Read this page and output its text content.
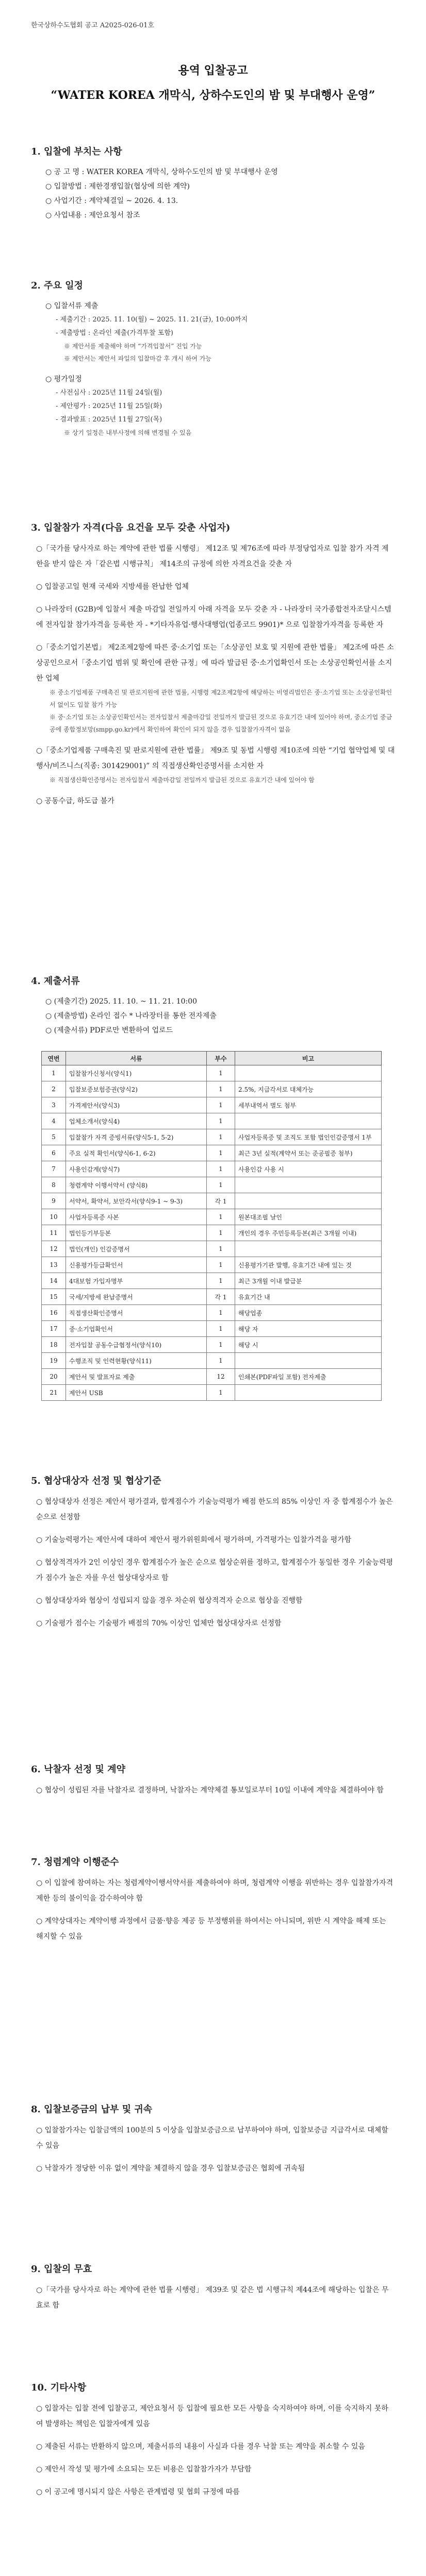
한국상하수도협회 공고 A2025-026-01호
용역 입찰공고
“WATER KOREA 개막식, 상하수도인의 밤 및 부대행사 운영”
1. 입찰에 부치는 사항
○ 공 고 명 : WATER KOREA 개막식, 상하수도인의 밤 및 부대행사 운영
○ 입찰방법 : 제한경쟁입찰(협상에 의한 계약)
○ 사업기간 : 계약체결일 ~ 2026. 4. 13.
○ 사업내용 : 제안요청서 참조
2. 주요 일정
○ 입찰서류 제출
- 제출기간 : 2025. 11. 10(월) ~ 2025. 11. 21(금), 10:00까지
- 제출방법 : 온라인 제출(가격투찰 포함)
※ 제안서를 제출해야 하며 “가격입찰서” 진입 가능
※ 제안서는 제안서 파일의 입찰마감 후 개시 하여 가능
○ 평가일정
- 사전심사 : 2025년 11월 24일(월)
- 제안평가 : 2025년 11월 25일(화)
- 결과발표 : 2025년 11월 27일(목)
※ 상기 일정은 내부사정에 의해 변경될 수 있음
3. 입찰참가 자격(다음 요건을 모두 갖춘 사업자)
○「국가를 당사자로 하는 계약에 관한 법률 시행령」 제12조 및 제76조에 따라 부정당업자로 입찰 참가 자격 제한을 받지 않은 자「같은법 시행규칙」 제14조의 규정에 의한 자격요건을 갖춘 자
○ 입찰공고일 현재 국세와 지방세를 완납한 업체
○ 나라장터 (G2B)에 입찰서 제출 마감일 전일까지 아래 자격을 모두 갖춘 자 - 나라장터 국가종합전자조달시스템에 전자입찰 참가자격을 등록한 자 - *기타자유업·행사대행업(업종코드 9901)* 으로 입찰참가자격을 등록한 자
○「중소기업기본법」 제2조제2항에 따른 중·소기업 또는「소상공인 보호 및 지원에 관한 법률」 제2조에 따른 소상공인으로서「중소기업 범위 및 확인에 관한 규정」에 따라 발급된 중·소기업확인서 또는 소상공인확인서를 소지한 업체
※ 중소기업제품 구매촉진 및 판로지원에 관한 법률, 시행령 제2조제2항에 해당하는 비영리법인은 중·소기업 또는 소상공인확인서 없이도 입찰 참가 가능
※ 중·소기업 또는 소상공인확인서는 전자입찰서 제출마감일 전일까지 발급된 것으로 유효기간 내에 있어야 하며, 중소기업 중금공에 종합정보망(smpp.go.kr)에서 확인하여 확인이 되지 않을 경우 입찰참가자격이 없음
○「중소기업제품 구매촉진 및 판로지원에 관한 법률」 제9조 및 동법 시행령 제10조에 의한 “기업 협약업체 및 대행사/비즈니스(직종: 301429001)” 의 직접생산확인증명서를 소지한 자
※ 직접생산확인증명서는 전자입찰서 제출마감일 전일까지 발급된 것으로 유효기간 내에 있어야 함
○ 공동수급, 하도급 불가
4. 제출서류
○ (제출기간) 2025. 11. 10. ~ 11. 21. 10:00
○ (제출방법) 온라인 접수 * 나라장터를 통한 전자제출
○ (제출서류) PDF로만 변환하여 업로드
연번	서류	부수	비고
1	입찰참가신청서(양식1)	1	
2	입찰보증보험증권(양식2)	1	2.5%, 지급각서로 대체가능
3	가격제안서(양식3)	1	세부내역서 별도 첨부
4	업체소개서(양식4)	1	
5	입찰참가 자격 증빙서류(양식5-1, 5-2)	1	사업자등록증 및 조직도 포함 법인인감증명서 1부
6	주요 실적 확인서(양식6-1, 6-2)	1	최근 3년 실적(계약서 또는 준공필증 첨부)
7	사용인감계(양식7)	1	사용인감 사용 시
8	청렴계약 이행서약서 (양식8)	1	
9	서약서, 확약서, 보안각서(양식9-1 ~ 9-3)	각 1	
10	사업자등록증 사본	1	원본대조필 날인
11	법인등기부등본	1	개인의 경우 주민등록등본(최근 3개월 이내)
12	법인(개인) 인감증명서	1	
13	신용평가등급확인서	1	신용평가기관 발행, 유효기간 내에 있는 것
14	4대보험 가입자명부	1	최근 3개월 이내 발급분
15	국세/지방세 완납증명서	각 1	유효기간 내
16	직접생산확인증명서	1	해당업종
17	중·소기업확인서	1	해당 자
18	전자입찰 공동수급협정서(양식10)	1	해당 시
19	수행조직 및 인력현황(양식11)	1	
20	제안서 및 발표자료 제출	12	인쇄본(PDF파일 포함) 전자제출
21	제안서 USB	1	
5. 협상대상자 선정 및 협상기준
○ 협상대상자 선정은 제안서 평가결과, 합계점수가 기술능력평가 배점 한도의 85% 이상인 자 중 합계점수가 높은 순으로 선정함
○ 기술능력평가는 제안서에 대하여 제안서 평가위원회에서 평가하며, 가격평가는 입찰가격을 평가함
○ 협상적격자가 2인 이상인 경우 합계점수가 높은 순으로 협상순위를 정하고, 합계점수가 동일한 경우 기술능력평가 점수가 높은 자를 우선 협상대상자로 함
○ 협상대상자와 협상이 성립되지 않을 경우 차순위 협상적격자 순으로 협상을 진행함
○ 기술평가 점수는 기술평가 배점의 70% 이상인 업체만 협상대상자로 선정함
6. 낙찰자 선정 및 계약
○ 협상이 성립된 자를 낙찰자로 결정하며, 낙찰자는 계약체결 통보일로부터 10일 이내에 계약을 체결하여야 함
7. 청렴계약 이행준수
○ 이 입찰에 참여하는 자는 청렴계약이행서약서를 제출하여야 하며, 청렴계약 이행을 위반하는 경우 입찰참가자격 제한 등의 불이익을 감수하여야 함
○ 계약상대자는 계약이행 과정에서 금품·향응 제공 등 부정행위를 하여서는 아니되며, 위반 시 계약을 해제 또는 해지할 수 있음
8. 입찰보증금의 납부 및 귀속
○ 입찰참가자는 입찰금액의 100분의 5 이상을 입찰보증금으로 납부하여야 하며, 입찰보증금 지급각서로 대체할 수 있음
○ 낙찰자가 정당한 이유 없이 계약을 체결하지 않을 경우 입찰보증금은 협회에 귀속됨
9. 입찰의 무효
○「국가를 당사자로 하는 계약에 관한 법률 시행령」 제39조 및 같은 법 시행규칙 제44조에 해당하는 입찰은 무효로 함
10. 기타사항
○ 입찰자는 입찰 전에 입찰공고, 제안요청서 등 입찰에 필요한 모든 사항을 숙지하여야 하며, 이를 숙지하지 못하여 발생하는 책임은 입찰자에게 있음
○ 제출된 서류는 반환하지 않으며, 제출서류의 내용이 사실과 다를 경우 낙찰 또는 계약을 취소할 수 있음
○ 제안서 작성 및 평가에 소요되는 모든 비용은 입찰참가자가 부담함
○ 이 공고에 명시되지 않은 사항은 관계법령 및 협회 규정에 따름
